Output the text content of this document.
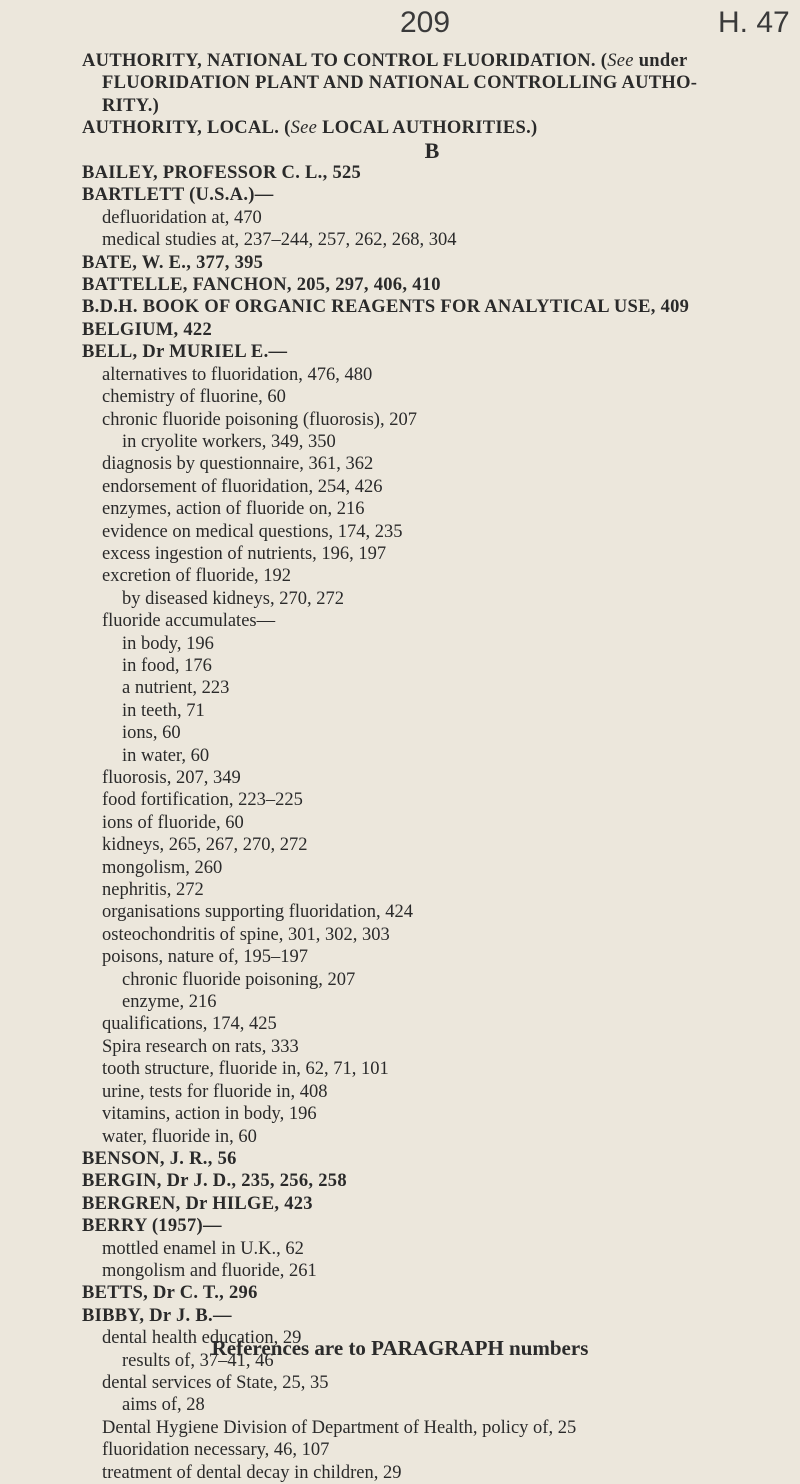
209	H. 47
AUTHORITY, NATIONAL TO CONTROL FLUORIDATION. (See under
FLUORIDATION PLANT AND NATIONAL CONTROLLING AUTHO-
RITY.)
AUTHORITY, LOCAL. (See LOCAL AUTHORITIES.)
B
BAILEY, PROFESSOR C. L., 525
BARTLETT (U.S.A.)—
defluoridation at, 470
medical studies at, 237–244, 257, 262, 268, 304
BATE, W. E., 377, 395
BATTELLE, FANCHON, 205, 297, 406, 410
B.D.H. BOOK OF ORGANIC REAGENTS FOR ANALYTICAL USE, 409
BELGIUM, 422
BELL, Dr MURIEL E.—
alternatives to fluoridation, 476, 480
chemistry of fluorine, 60
chronic fluoride poisoning (fluorosis), 207
in cryolite workers, 349, 350
diagnosis by questionnaire, 361, 362
endorsement of fluoridation, 254, 426
enzymes, action of fluoride on, 216
evidence on medical questions, 174, 235
excess ingestion of nutrients, 196, 197
excretion of fluoride, 192
by diseased kidneys, 270, 272
fluoride accumulates—
in body, 196
in food, 176
a nutrient, 223
in teeth, 71
ions, 60
in water, 60
fluorosis, 207, 349
food fortification, 223–225
ions of fluoride, 60
kidneys, 265, 267, 270, 272
mongolism, 260
nephritis, 272
organisations supporting fluoridation, 424
osteochondritis of spine, 301, 302, 303
poisons, nature of, 195–197
chronic fluoride poisoning, 207
enzyme, 216
qualifications, 174, 425
Spira research on rats, 333
tooth structure, fluoride in, 62, 71, 101
urine, tests for fluoride in, 408
vitamins, action in body, 196
water, fluoride in, 60
BENSON, J. R., 56
BERGIN, Dr J. D., 235, 256, 258
BERGREN, Dr HILGE, 423
BERRY (1957)—
mottled enamel in U.K., 62
mongolism and fluoride, 261
BETTS, Dr C. T., 296
BIBBY, Dr J. B.—
dental health education, 29
results of, 37–41, 46
dental services of State, 25, 35
aims of, 28
Dental Hygiene Division of Department of Health, policy of, 25
fluoridation necessary, 46, 107
treatment of dental decay in children, 29
References are to PARAGRAPH numbers
